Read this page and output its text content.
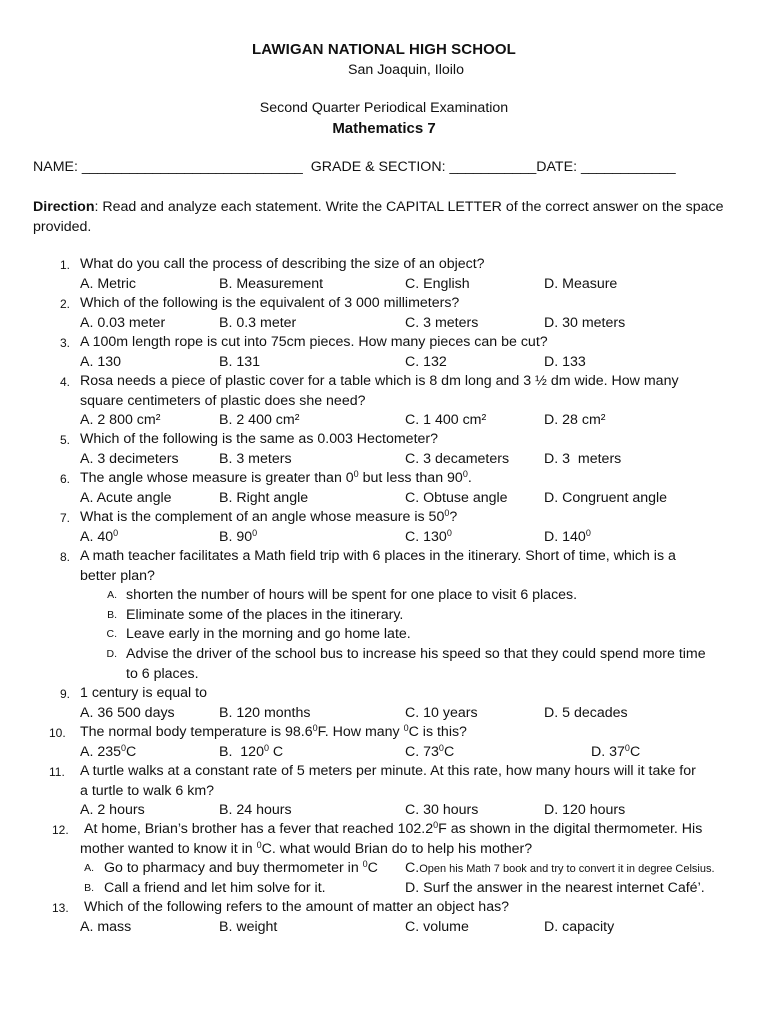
LAWIGAN NATIONAL HIGH SCHOOL
San Joaquin, Iloilo
Second Quarter Periodical Examination
Mathematics 7
NAME: ____________________________ GRADE & SECTION: ___________DATE: ____________
Direction: Read and analyze each statement. Write the CAPITAL LETTER of the correct answer on the space provided.
1. What do you call the process of describing the size of an object?
A. Metric	B. Measurement	C. English	D. Measure
2. Which of the following is the equivalent of 3 000 millimeters?
A. 0.03 meter	B. 0.3 meter	C. 3 meters	D. 30 meters
3. A 100m length rope is cut into 75cm pieces. How many pieces can be cut?
A. 130	B. 131	C. 132	D. 133
4. Rosa needs a piece of plastic cover for a table which is 8 dm long and 3 ½ dm wide. How many
square centimeters of plastic does she need?
A. 2 800 cm²	B. 2 400 cm²	C. 1 400 cm²	D. 28 cm²
5. Which of the following is the same as 0.003 Hectometer?
A. 3 decimeters	B. 3 meters	C. 3 decameters D. 3  meters
6. The angle whose measure is greater than $0^0$ but less than $90^0$.
A. Acute angle	B. Right angle	C. Obtuse angle	D. Congruent angle
7. What is the complement of an angle whose measure is $50^0$?
A. $40^0$	B. $90^0$	C. $130^0$	D. $140^0$
8. A math teacher facilitates a Math field trip with 6 places in the itinerary. Short of time, which is a
better plan?
A. shorten the number of hours will be spent for one place to visit 6 places.
B. Eliminate some of the places in the itinerary.
C. Leave early in the morning and go home late.
D. Advise the driver of the school bus to increase his speed so that they could spend more time
to 6 places.
9. 1 century is equal to
A. 36 500 days	B. 120 months	C. 10 years	D. 5 decades
10.	The normal body temperature is 98.6$^0$F. How many $^0$C is this?
A. $235^0C$	B.  $120^0$ C	C. $73^0C$	D. $37^0C$
11.	A turtle walks at a constant rate of 5 meters per minute. At this rate, how many hours will it take for
a turtle to walk 6 km?
A. 2 hours	B. 24 hours	C. 30 hours	D. 120 hours
12.	At home, Brian’s brother has a fever that reached 102.2$^0$F as shown in the digital thermometer. His
mother wanted to know it in $^0$C. what would Brian do to help his mother?
A. Go to pharmacy and buy thermometer in $^0$C C.Open his Math 7 book and try to convert it in degree Celsius.
B. Call a friend and let him solve for it.	D. Surf the answer in the nearest internet Café’.
13.	Which of the following refers to the amount of matter an object has?
A. mass	B. weight	C. volume	D. capacity
